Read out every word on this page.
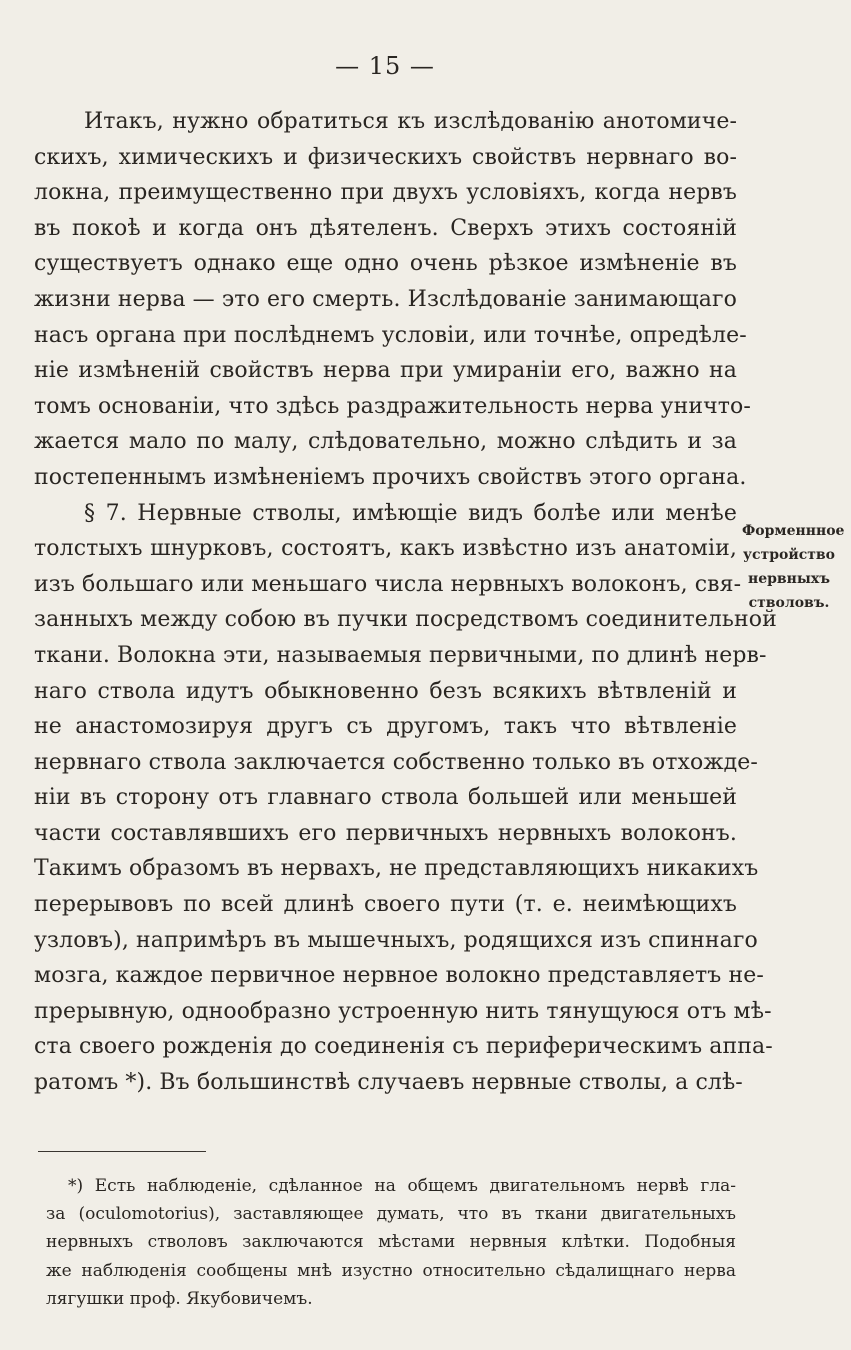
— 15 —
Итакъ, нужно обратиться къ изслѣдованію анотомиче-
скихъ, химическихъ и физическихъ свойствъ нервнаго во-
локна, преимущественно при двухъ условіяхъ, когда нервъ
въ покоѣ и когда онъ дѣятеленъ. Сверхъ этихъ состояній
существуетъ однако еще одно очень рѣзкое измѣненіе въ
жизни нерва — это его смерть. Изслѣдованіе занимающаго
насъ органа при послѣднемъ условіи, или точнѣе, опредѣле-
ніе измѣненій свойствъ нерва при умираніи его, важно на
томъ основаніи, что здѣсь раздражительность нерва уничто-
жается мало по малу, слѣдовательно, можно слѣдить и за
постепеннымъ измѣненіемъ прочихъ свойствъ этого органа.
§ 7. Нервные стволы, имѣющіе видъ болѣе или менѣе
толстыхъ шнурковъ, состоятъ, какъ извѣстно изъ анатоміи,
изъ большаго или меньшаго числа нервныхъ волоконъ, свя-
занныхъ между собою въ пучки посредствомъ соединительной
ткани. Волокна эти, называемыя первичными, по длинѣ нерв-
наго ствола идутъ обыкновенно безъ всякихъ вѣтвленій и
не анастомозируя другъ съ другомъ, такъ что вѣтвленіе
нервнаго ствола заключается собственно только въ отхожде-
ніи въ сторону отъ главнаго ствола большей или меньшей
части составлявшихъ его первичныхъ нервныхъ волоконъ.
Такимъ образомъ въ нервахъ, не представляющихъ никакихъ
перерывовъ по всей длинѣ своего пути (т. е. неимѣющихъ
узловъ), напримѣръ въ мышечныхъ, родящихся изъ спиннаго
мозга, каждое первичное нервное волокно представляетъ не-
прерывную, однообразно устроенную нить тянущуюся отъ мѣ-
ста своего рожденія до соединенія съ периферическимъ аппа-
ратомъ *). Въ большинствѣ случаевъ нервные стволы, а слѣ-
Форменнное
устройство
нервныхъ
стволовъ.
*) Есть наблюденіе, сдѣланное на общемъ двигательномъ нервѣ гла-
за (oculomotorius), заставляющее думать, что въ ткани двигательныхъ
нервныхъ стволовъ заключаются мѣстами нервныя клѣтки. Подобныя
же наблюденія сообщены мнѣ изустно относительно сѣдалищнаго нерва
лягушки проф. Якубовичемъ.
